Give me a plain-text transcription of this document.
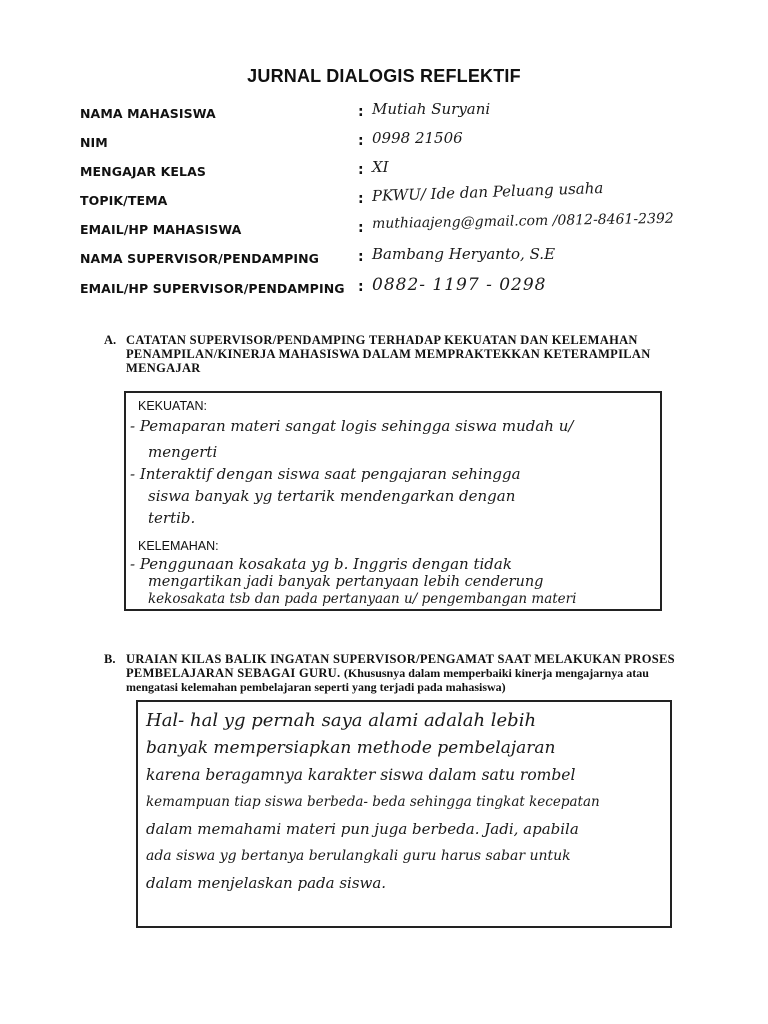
JURNAL DIALOGIS REFLEKTIF
NAMA MAHASISWA	: Mutiah Suryani
NIM	: 0998 21506
MENGAJAR KELAS	: XI
TOPIK/TEMA	: PKWU/ Ide dan Peluang usaha
EMAIL/HP MAHASISWA	: muthiaajeng@gmail.com /0812-8461-2392
NAMA SUPERVISOR/PENDAMPING	: Bambang Heryanto, S.E
EMAIL/HP SUPERVISOR/PENDAMPING : 0882- 1197 - 0298
A. CATATAN SUPERVISOR/PENDAMPING TERHADAP KEKUATAN DAN KELEMAHAN PENAMPILAN/KINERJA MAHASISWA DALAM MEMPRAKTEKKAN KETERAMPILAN MENGAJAR
KEKUATAN:
- Pemaparan materi sangat logis sehingga siswa mudah u/
mengerti
- Interaktif dengan siswa saat pengajaran sehingga
siswa banyak yg tertarik mendengarkan dengan
tertib.
KELEMAHAN:
- Penggunaan kosakata yg b. Inggris dengan tidak
mengartikan jadi banyak pertanyaan lebih cenderung
kekosakata tsb dan pada pertanyaan u/ pengembangan materi
B. URAIAN KILAS BALIK INGATAN SUPERVISOR/PENGAMAT SAAT MELAKUKAN PROSES PEMBELAJARAN SEBAGAI GURU. (Khususnya dalam memperbaiki kinerja mengajarnya atau mengatasi kelemahan pembelajaran seperti yang terjadi pada mahasiswa)
Hal- hal yg pernah saya alami adalah lebih
banyak mempersiapkan methode pembelajaran
karena beragamnya karakter siswa dalam satu rombel
kemampuan tiap siswa berbeda- beda sehingga tingkat kecepatan
dalam memahami materi pun juga berbeda. Jadi, apabila
ada siswa yg bertanya berulangkali guru harus sabar untuk
dalam menjelaskan pada siswa.
